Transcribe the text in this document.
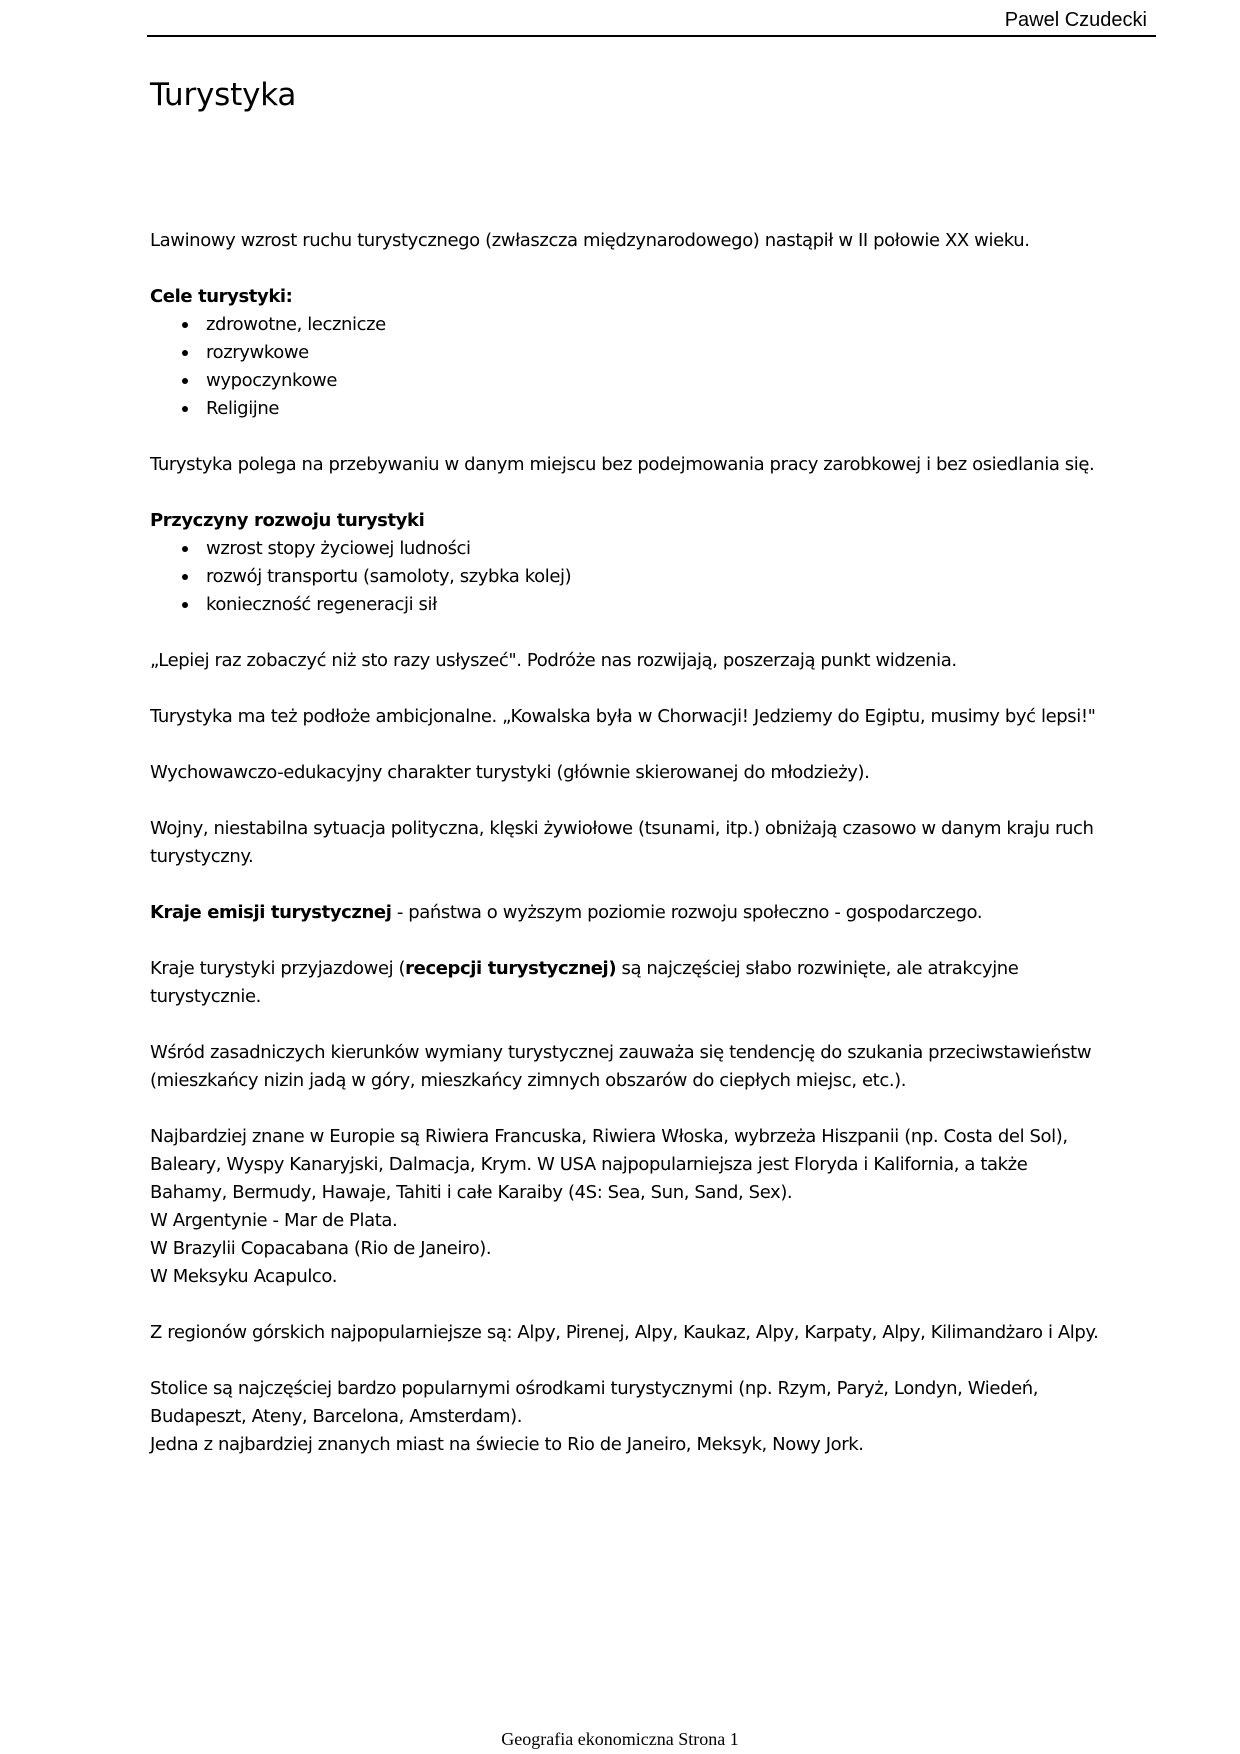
Pawel Czudecki
Turystyka

Lawinowy wzrost ruchu turystycznego (zwłaszcza międzynarodowego) nastąpił w II połowie XX wieku.

Cele turystyki:

zdrowotne, lecznicze
rozrywkowe
wypoczynkowe
Religijne

Turystyka polega na przebywaniu w danym miejscu bez podejmowania pracy zarobkowej i bez osiedlania się.

Przyczyny rozwoju turystyki

wzrost stopy życiowej ludności
rozwój transportu (samoloty, szybka kolej)
konieczność regeneracji sił

„Lepiej raz zobaczyć niż sto razy usłyszeć". Podróże nas rozwijają, poszerzają punkt widzenia.

Turystyka ma też podłoże ambicjonalne. „Kowalska była w Chorwacji! Jedziemy do Egiptu, musimy być lepsi!"

Wychowawczo-edukacyjny charakter turystyki (głównie skierowanej do młodzieży).

Wojny, niestabilna sytuacja polityczna, klęski żywiołowe (tsunami, itp.) obniżają czasowo w danym kraju ruch turystyczny.

Kraje emisji turystycznej - państwa o wyższym poziomie rozwoju społeczno - gospodarczego.

Kraje turystyki przyjazdowej (recepcji turystycznej) są najczęściej słabo rozwinięte, ale atrakcyjne turystycznie.

Wśród zasadniczych kierunków wymiany turystycznej zauważa się tendencję do szukania przeciwstawieństw (mieszkańcy nizin jadą w góry, mieszkańcy zimnych obszarów do ciepłych miejsc, etc.).

Najbardziej znane w Europie są Riwiera Francuska, Riwiera Włoska, wybrzeża Hiszpanii (np. Costa del Sol), Baleary, Wyspy Kanaryjski, Dalmacja, Krym. W USA najpopularniejsza jest Floryda i Kalifornia, a także Bahamy, Bermudy, Hawaje, Tahiti i całe Karaiby (4S: Sea, Sun, Sand, Sex).
W Argentynie - Mar de Plata.
W Brazylii Copacabana (Rio de Janeiro).
W Meksyku Acapulco.

Z regionów górskich najpopularniejsze są: Alpy, Pirenej, Alpy, Kaukaz, Alpy, Karpaty, Alpy, Kilimandżaro i Alpy.

Stolice są najczęściej bardzo popularnymi ośrodkami turystycznymi (np. Rzym, Paryż, Londyn, Wiedeń, Budapeszt, Ateny, Barcelona, Amsterdam).
Jedna z najbardziej znanych miast na świecie to Rio de Janeiro, Meksyk, Nowy Jork.
Geografia ekonomiczna Strona 1
